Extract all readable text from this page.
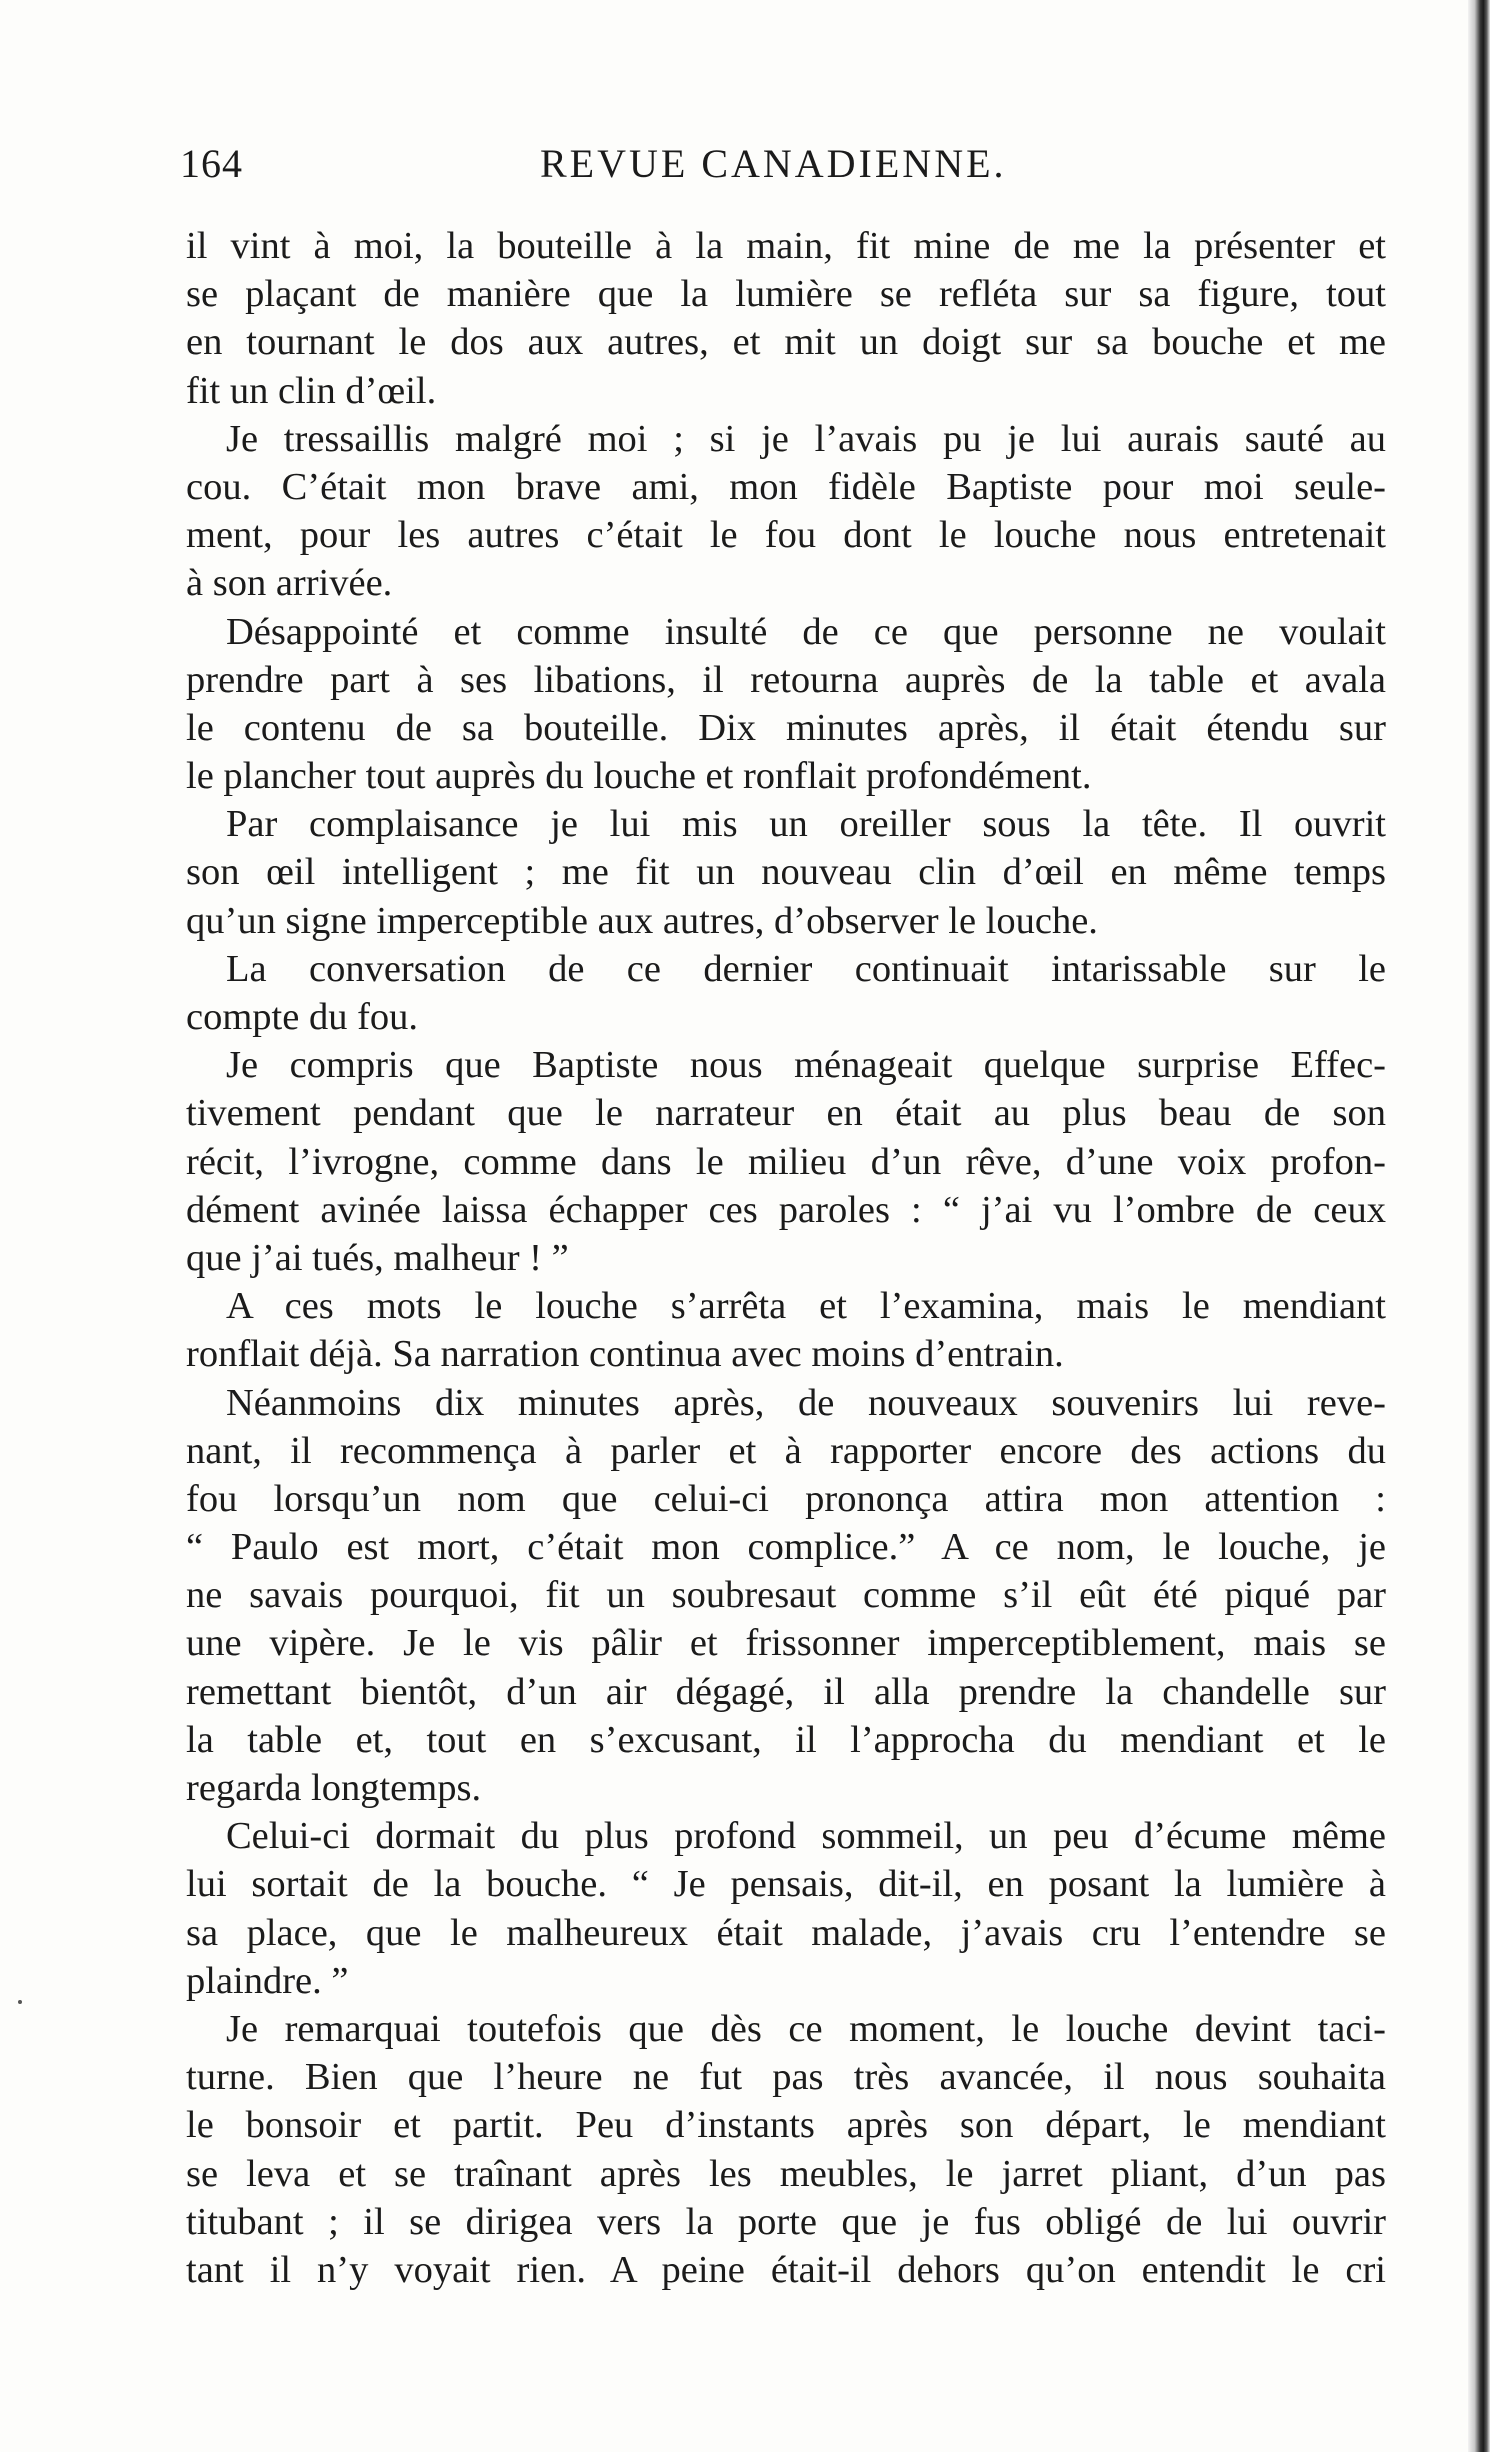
164	REVUE CANADIENNE.
il vint à moi, la bouteille à la main, fit mine de me la présenter et
se plaçant de manière que la lumière se refléta sur sa figure, tout
en tournant le dos aux autres, et mit un doigt sur sa bouche et me
fit un clin d’œil.
Je tressaillis malgré moi ; si je l’avais pu je lui aurais sauté au
cou. C’était mon brave ami, mon fidèle Baptiste pour moi seule-
ment, pour les autres c’était le fou dont le louche nous entretenait
à son arrivée.
Désappointé et comme insulté de ce que personne ne voulait
prendre part à ses libations, il retourna auprès de la table et avala
le contenu de sa bouteille. Dix minutes après, il était étendu sur
le plancher tout auprès du louche et ronflait profondément.
Par complaisance je lui mis un oreiller sous la tête. Il ouvrit
son œil intelligent ; me fit un nouveau clin d’œil en même temps
qu’un signe imperceptible aux autres, d’observer le louche.
La conversation de ce dernier continuait intarissable sur le
compte du fou.
Je compris que Baptiste nous ménageait quelque surprise Effec-
tivement pendant que le narrateur en était au plus beau de son
récit, l’ivrogne, comme dans le milieu d’un rêve, d’une voix profon-
dément avinée laissa échapper ces paroles : “ j’ai vu l’ombre de ceux
que j’ai tués, malheur ! ”
A ces mots le louche s’arrêta et l’examina, mais le mendiant
ronflait déjà. Sa narration continua avec moins d’entrain.
Néanmoins dix minutes après, de nouveaux souvenirs lui reve-
nant, il recommença à parler et à rapporter encore des actions du
fou lorsqu’un nom que celui-ci prononça attira mon attention :
“ Paulo est mort, c’était mon complice.” A ce nom, le louche, je
ne savais pourquoi, fit un soubresaut comme s’il eût été piqué par
une vipère. Je le vis pâlir et frissonner imperceptiblement, mais se
remettant bientôt, d’un air dégagé, il alla prendre la chandelle sur
la table et, tout en s’excusant, il l’approcha du mendiant et le
regarda longtemps.
Celui-ci dormait du plus profond sommeil, un peu d’écume même
lui sortait de la bouche. “ Je pensais, dit-il, en posant la lumière à
sa place, que le malheureux était malade, j’avais cru l’entendre se
plaindre. ”
Je remarquai toutefois que dès ce moment, le louche devint taci-
turne. Bien que l’heure ne fut pas très avancée, il nous souhaita
le bonsoir et partit. Peu d’instants après son départ, le mendiant
se leva et se traînant après les meubles, le jarret pliant, d’un pas
titubant ; il se dirigea vers la porte que je fus obligé de lui ouvrir
tant il n’y voyait rien. A peine était-il dehors qu’on entendit le cri
